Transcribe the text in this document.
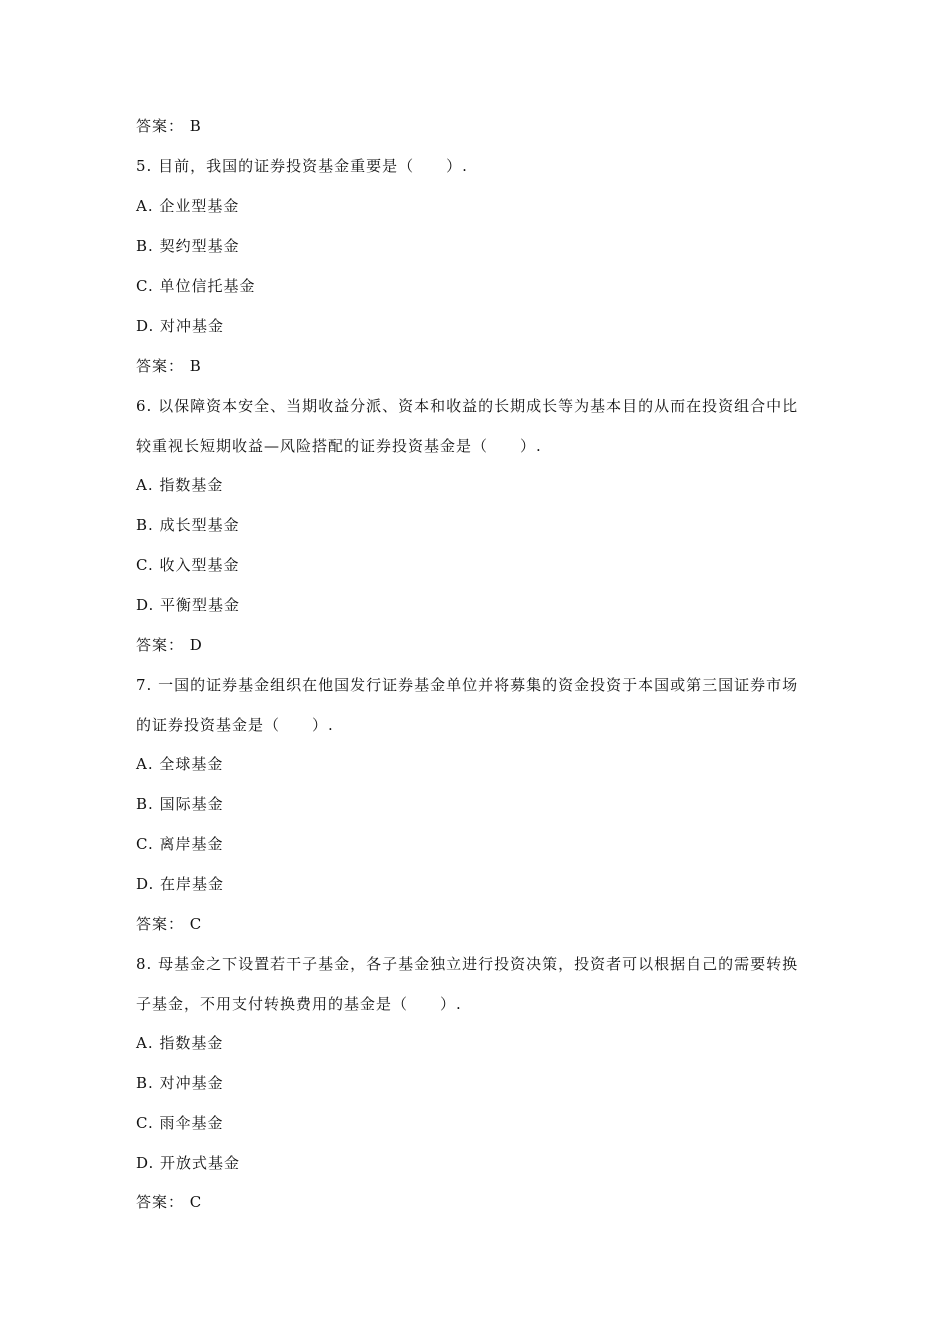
答案： B
5. 目前，我国的证券投资基金重要是（　　）.
A. 企业型基金
B. 契约型基金
C. 单位信托基金
D. 对冲基金
答案： B
6. 以保障资本安全、当期收益分派、资本和收益的长期成长等为基本目的从而在投资组合中比
较重视长短期收益—风险搭配的证券投资基金是（　　）.
A. 指数基金
B. 成长型基金
C. 收入型基金
D. 平衡型基金
答案： D
7. 一国的证券基金组织在他国发行证券基金单位并将募集的资金投资于本国或第三国证券市场
的证券投资基金是（　　）.
A. 全球基金
B. 国际基金
C. 离岸基金
D. 在岸基金
答案： C
8. 母基金之下设置若干子基金，各子基金独立进行投资决策，投资者可以根据自己的需要转换
子基金，不用支付转换费用的基金是（　　）.
A. 指数基金
B. 对冲基金
C. 雨伞基金
D. 开放式基金
答案： C
